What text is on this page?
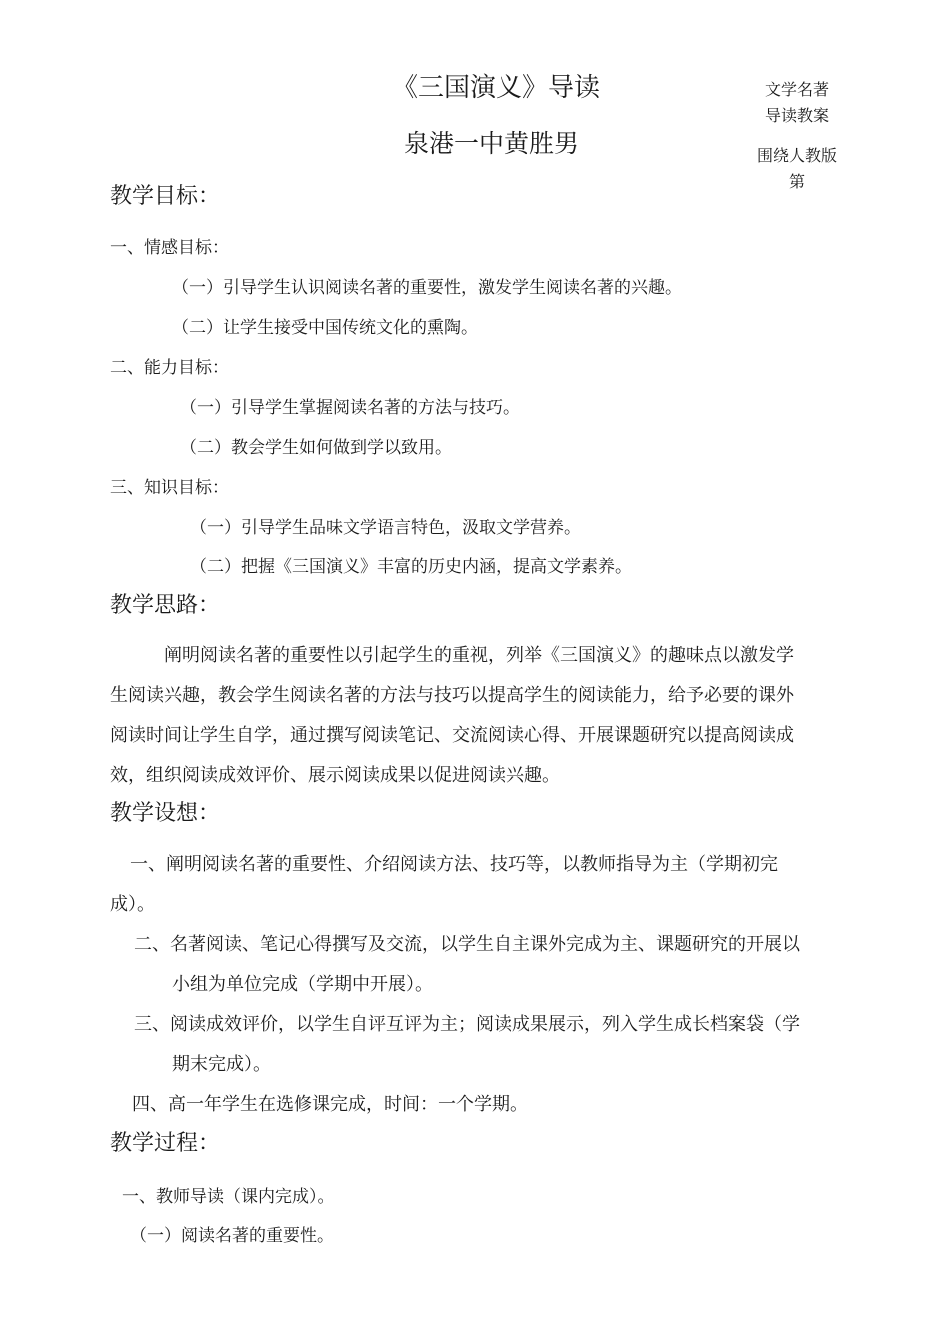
《三国演义》导读
泉港一中黄胜男
文学名著
导读教案
围绕人教版
第
教学目标：
一、情感目标：
（一）引导学生认识阅读名著的重要性，激发学生阅读名著的兴趣。
（二）让学生接受中国传统文化的熏陶。
二、能力目标：
（一）引导学生掌握阅读名著的方法与技巧。
（二）教会学生如何做到学以致用。
三、知识目标：
（一）引导学生品味文学语言特色，汲取文学营养。
（二）把握《三国演义》丰富的历史内涵，提高文学素养。
教学思路：
阐明阅读名著的重要性以引起学生的重视，列举《三国演义》的趣味点以激发学
生阅读兴趣，教会学生阅读名著的方法与技巧以提高学生的阅读能力，给予必要的课外
阅读时间让学生自学，通过撰写阅读笔记、交流阅读心得、开展课题研究以提高阅读成
效，组织阅读成效评价、展示阅读成果以促进阅读兴趣。
教学设想：
一、阐明阅读名著的重要性、介绍阅读方法、技巧等，以教师指导为主（学期初完
成）。
二、名著阅读、笔记心得撰写及交流，以学生自主课外完成为主、课题研究的开展以
小组为单位完成（学期中开展）。
三、阅读成效评价，以学生自评互评为主；阅读成果展示，列入学生成长档案袋（学
期末完成）。
四、高一年学生在选修课完成，时间：一个学期。
教学过程：
一、教师导读（课内完成）。
（一）阅读名著的重要性。
